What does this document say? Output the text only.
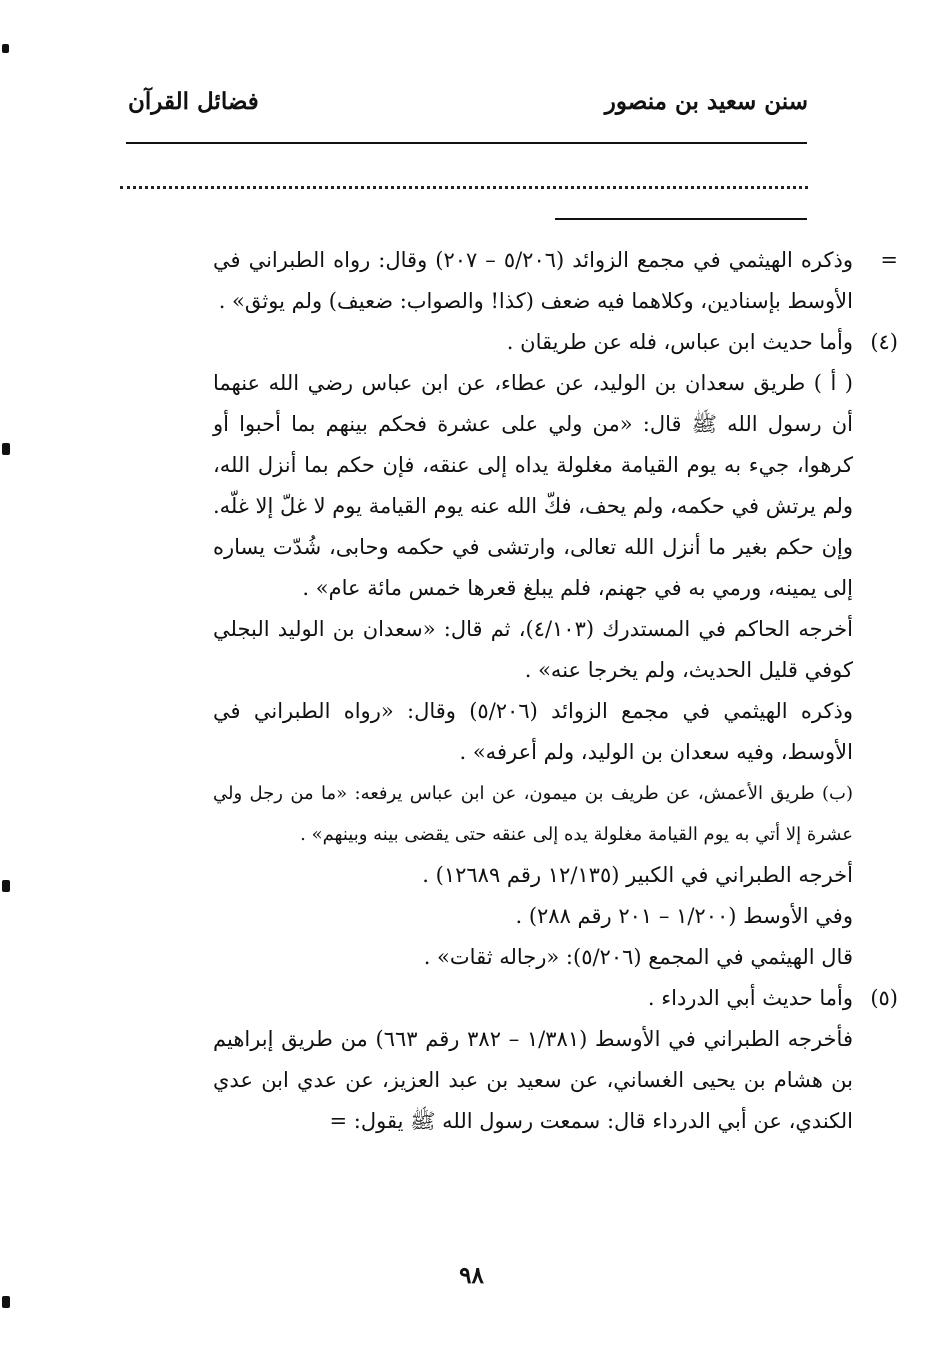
سنن سعيد بن منصور
فضائل القرآن

=
وذكره الهيثمي في مجمع الزوائد (٥/٢٠٦ – ٢٠٧) وقال: رواه الطبراني في الأوسط بإسنادين، وكلاهما فيه ضعف (كذا! والصواب: ضعيف) ولم يوثق» .

(٤)
وأما حديث ابن عباس، فله عن طريقان .

( أ ) طريق سعدان بن الوليد، عن عطاء، عن ابن عباس رضي الله عنهما أن رسول الله ﷺ قال: «من ولي على عشرة فحكم بينهم بما أحبوا أو كرهوا، جيء به يوم القيامة مغلولة يداه إلى عنقه، فإن حكم بما أنزل الله، ولم يرتش في حكمه، ولم يحف، فكّ الله عنه يوم القيامة يوم لا غلّ إلا غلّه. وإن حكم بغير ما أنزل الله تعالى، وارتشى في حكمه وحابى، شُدّت يساره إلى يمينه، ورمي به في جهنم، فلم يبلغ قعرها خمس مائة عام» .

أخرجه الحاكم في المستدرك (٤/١٠٣)، ثم قال: «سعدان بن الوليد البجلي كوفي قليل الحديث، ولم يخرجا عنه» .

وذكره الهيثمي في مجمع الزوائد (٥/٢٠٦) وقال: «رواه الطبراني في الأوسط، وفيه سعدان بن الوليد، ولم أعرفه» .

(ب) طريق الأعمش، عن طريف بن ميمون، عن ابن عباس يرفعه: «ما من رجل ولي عشرة إلا أتي به يوم القيامة مغلولة يده إلى عنقه حتى يقضى بينه وبينهم» .

أخرجه الطبراني في الكبير (١٢/١٣٥ رقم ١٢٦٨٩) .

وفي الأوسط (١/٢٠٠ – ٢٠١ رقم ٢٨٨) .

قال الهيثمي في المجمع (٥/٢٠٦): «رجاله ثقات» .

(٥)
وأما حديث أبي الدرداء .

فأخرجه الطبراني في الأوسط (١/٣٨١ – ٣٨٢ رقم ٦٦٣) من طريق إبراهيم بن هشام بن يحيى الغساني، عن سعيد بن عبد العزيز، عن عدي ابن عدي الكندي، عن أبي الدرداء قال: سمعت رسول الله ﷺ يقول: =

٩٨
